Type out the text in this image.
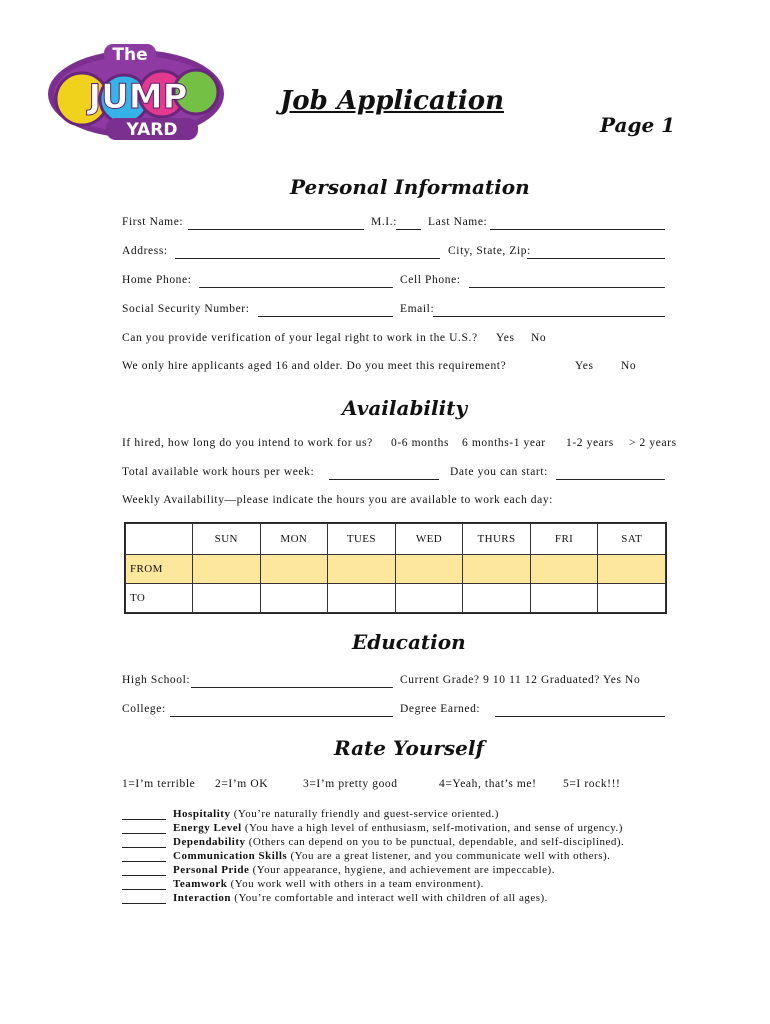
The
JUMP
YARD	TM
Job Application
Page 1
Personal Information
First Name:	M.I.:	Last Name:
Address:	City, State, Zip:
Home Phone:	Cell Phone:
Social Security Number:	Email:
Can you provide verification of your legal right to work in the U.S.? Yes No
We only hire applicants aged 16 and older. Do you meet this requirement?	Yes No
Availability
If hired, how long do you intend to work for us? 0-6 months 6 months-1 year 1-2 years > 2 years
Total available work hours per week:	Date you can start:
Weekly Availability—please indicate the hours you are available to work each day:
	SUN	MON	TUES	WED	THURS	FRI	SAT
FROM							
TO							
Education
High School:	Current Grade? 9 10 11 12 Graduated? Yes No
College:	Degree Earned:
Rate Yourself
1=I’m terrible 2=I’m OK	3=I’m pretty good	4=Yeah, that’s me! 5=I rock!!!
Hospitality (You’re naturally friendly and guest-service oriented.)
Energy Level (You have a high level of enthusiasm, self-motivation, and sense of urgency.)
Dependability (Others can depend on you to be punctual, dependable, and self-disciplined).
Communication Skills (You are a great listener, and you communicate well with others).
Personal Pride (Your appearance, hygiene, and achievement are impeccable).
Teamwork (You work well with others in a team environment).
Interaction (You’re comfortable and interact well with children of all ages).
